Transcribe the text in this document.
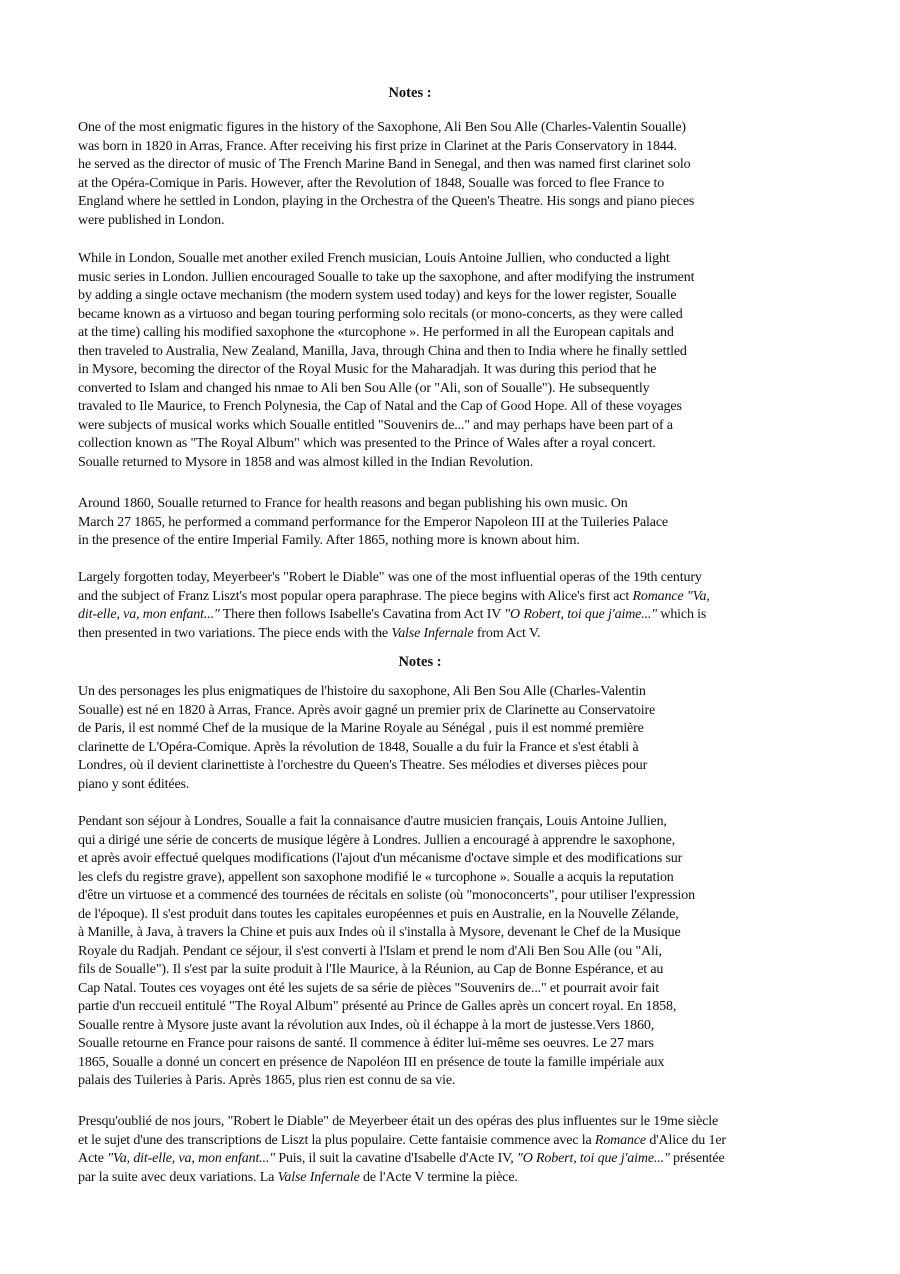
Notes :

One of the most enigmatic figures in the history of the Saxophone, Ali Ben Sou Alle (Charles-Valentin Soualle)
was born in 1820 in Arras, France. After receiving his first prize in Clarinet at the Paris Conservatory in 1844.
he served as the director of music of The French Marine Band in Senegal, and then was named first clarinet solo
at the Opéra-Comique in Paris. However, after the Revolution of 1848, Soualle was forced to flee France to
England where he settled in London, playing in the Orchestra of the Queen's Theatre. His songs and piano pieces
were published in London.

While in London, Soualle met another exiled French musician, Louis Antoine Jullien, who conducted a light
music series in London. Jullien encouraged Soualle to take up the saxophone, and after modifying the instrument
by adding a single octave mechanism (the modern system used today) and keys for the lower register, Soualle
became known as a virtuoso and began touring performing solo recitals (or mono-concerts, as they were called
at the time) calling his modified saxophone the «turcophone ». He performed in all the European capitals and
then traveled to Australia, New Zealand, Manilla, Java, through China and then to India where he finally settled
in Mysore, becoming the director of the Royal Music for the Maharadjah. It was during this period that he
converted to Islam and changed his nmae to Ali ben Sou Alle (or "Ali, son of Soualle"). He subsequently
travaled to Ile Maurice, to French Polynesia, the Cap of Natal and the Cap of Good Hope. All of these voyages
were subjects of musical works which Soualle entitled "Souvenirs de..." and may perhaps have been part of a
collection known as "The Royal Album" which was presented to the Prince of Wales after a royal concert.
Soualle returned to Mysore in 1858 and was almost killed in the Indian Revolution.

Around 1860, Soualle returned to France for health reasons and began publishing his own music. On
March 27 1865, he performed a command performance for the Emperor Napoleon III at the Tuileries Palace
in the presence of the entire Imperial Family. After 1865, nothing more is known about him.

Largely forgotten today, Meyerbeer's "Robert le Diable" was one of the most influential operas of the 19th century
and the subject of Franz Liszt's most popular opera paraphrase. The piece begins with Alice's first act Romance "Va,
dit-elle, va, mon enfant..." There then follows Isabelle's Cavatina from Act IV "O Robert, toi que j'aime..." which is
then presented in two variations. The piece ends with the Valse Infernale from Act V.

Notes :

Un des personages les plus enigmatiques de l'histoire du saxophone, Ali Ben Sou Alle (Charles-Valentin
Soualle) est né en 1820 à Arras, France. Après avoir gagné un premier prix de Clarinette au Conservatoire
de Paris, il est nommé Chef de la musique de la Marine Royale au Sénégal , puis il est nommé première
clarinette de L'Opéra-Comique. Après la révolution de 1848, Soualle a du fuir la France et s'est établi à
Londres, où il devient clarinettiste à l'orchestre du Queen's Theatre. Ses mélodies et diverses pièces pour
piano y sont éditées.

Pendant son séjour à Londres, Soualle a fait la connaisance d'autre musicien français, Louis Antoine Jullien,
qui a dirigé une série de concerts de musique légère à Londres. Jullien a encouragé à apprendre le saxophone,
et après avoir effectué quelques modifications (l'ajout d'un mécanisme d'octave simple et des modifications sur
les clefs du registre grave), appellent son saxophone modifié le « turcophone ». Soualle a acquis la reputation
d'être un virtuose et a commencé des tournées de récitals en soliste (où "monoconcerts", pour utiliser l'expression
de l'époque). Il s'est produit dans toutes les capitales européennes et puis en Australie, en la Nouvelle Zélande,
à Manille, à Java, à travers la Chine et puis aux Indes où il s'installa à Mysore, devenant le Chef de la Musique
Royale du Radjah. Pendant ce séjour, il s'est converti à l'Islam et prend le nom d'Ali Ben Sou Alle (ou "Ali,
fils de Soualle"). Il s'est par la suite produit à l'Ile Maurice, à la Réunion, au Cap de Bonne Espérance, et au
Cap Natal. Toutes ces voyages ont été les sujets de sa série de pièces "Souvenirs de..." et pourrait avoir fait
partie d'un reccueil entitulé "The Royal Album" présenté au Prince de Galles après un concert royal. En 1858,
Soualle rentre à Mysore juste avant la révolution aux Indes, où il échappe à la mort de justesse.Vers 1860,
Soualle retourne en France pour raisons de santé. Il commence à éditer lui-même ses oeuvres. Le 27 mars
1865, Soualle a donné un concert en présence de Napoléon III en présence de toute la famille impériale aux
palais des Tuileries à Paris. Après 1865, plus rien est connu de sa vie.

Presqu'oublié de nos jours, "Robert le Diable" de Meyerbeer était un des opéras des plus influentes sur le 19me siècle
et le sujet d'une des transcriptions de Liszt la plus populaire. Cette fantaisie commence avec la Romance d'Alice du 1er
Acte "Va, dit-elle, va, mon enfant..." Puis, il suit la cavatine d'Isabelle d'Acte IV, "O Robert, toi que j'aime..." présentée
par la suite avec deux variations. La Valse Infernale de l'Acte V termine la pièce.
